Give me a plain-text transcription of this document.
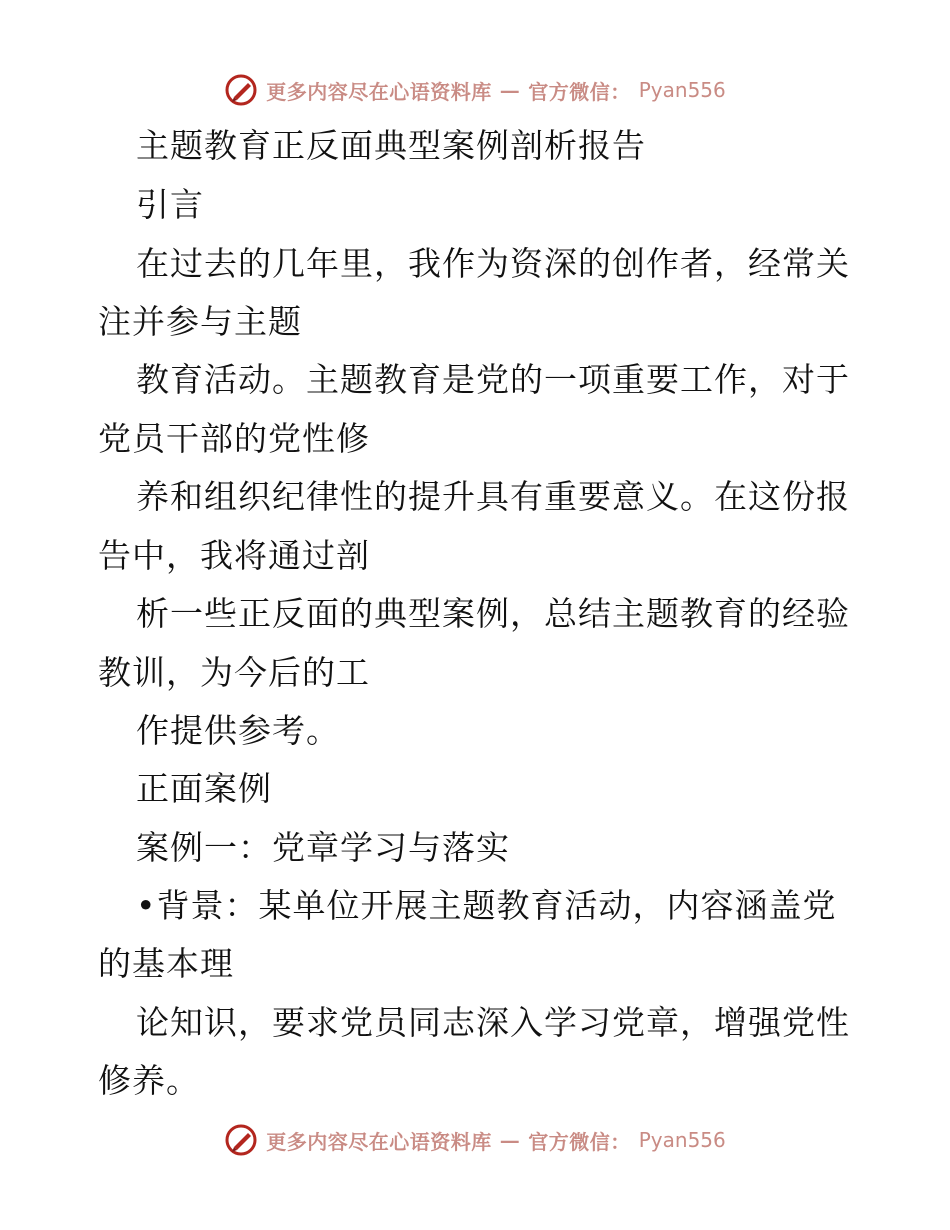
更多内容尽在心语资料库 — 官方微信： Pyan556
主题教育正反面典型案例剖析报告
引言
在过去的几年里，我作为资深的创作者，经常关
注并参与主题
教育活动。主题教育是党的一项重要工作，对于
党员干部的党性修
养和组织纪律性的提升具有重要意义。在这份报
告中，我将通过剖
析一些正反面的典型案例，总结主题教育的经验
教训，为今后的工
作提供参考。
正面案例
案例一：党章学习与落实
•背景：某单位开展主题教育活动，内容涵盖党
的基本理
论知识，要求党员同志深入学习党章，增强党性
修养。
更多内容尽在心语资料库 — 官方微信： Pyan556
